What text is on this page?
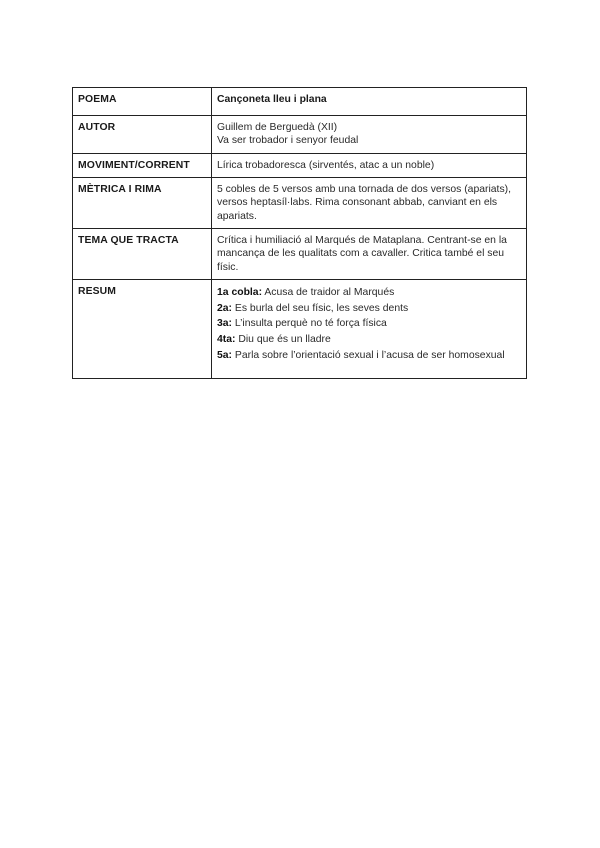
POEMA	Cançoneta lleu i plana
AUTOR	Guillem de Berguedà (XII)
Va ser trobador i senyor feudal

MOVIMENT/CORRENT	Lírica trobadoresca (sirventés, atac a un noble)
MÈTRICA I RIMA	5 cobles de 5 versos amb una tornada de dos versos (apariats), versos heptasíl·labs. Rima consonant abbab, canviant en els apariats.
TEMA QUE TRACTA	Crítica i humiliació al Marqués de Mataplana. Centrant-se en la mancança de les qualitats com a cavaller. Critica també el seu físic.
RESUM	1a cobla: Acusa de traidor al Marqués
2a: Es burla del seu físic, les seves dents
3a: L’insulta perquè no té força física
4ta: Diu que és un lladre
5a: Parla sobre l’orientació sexual i l’acusa de ser homosexual
